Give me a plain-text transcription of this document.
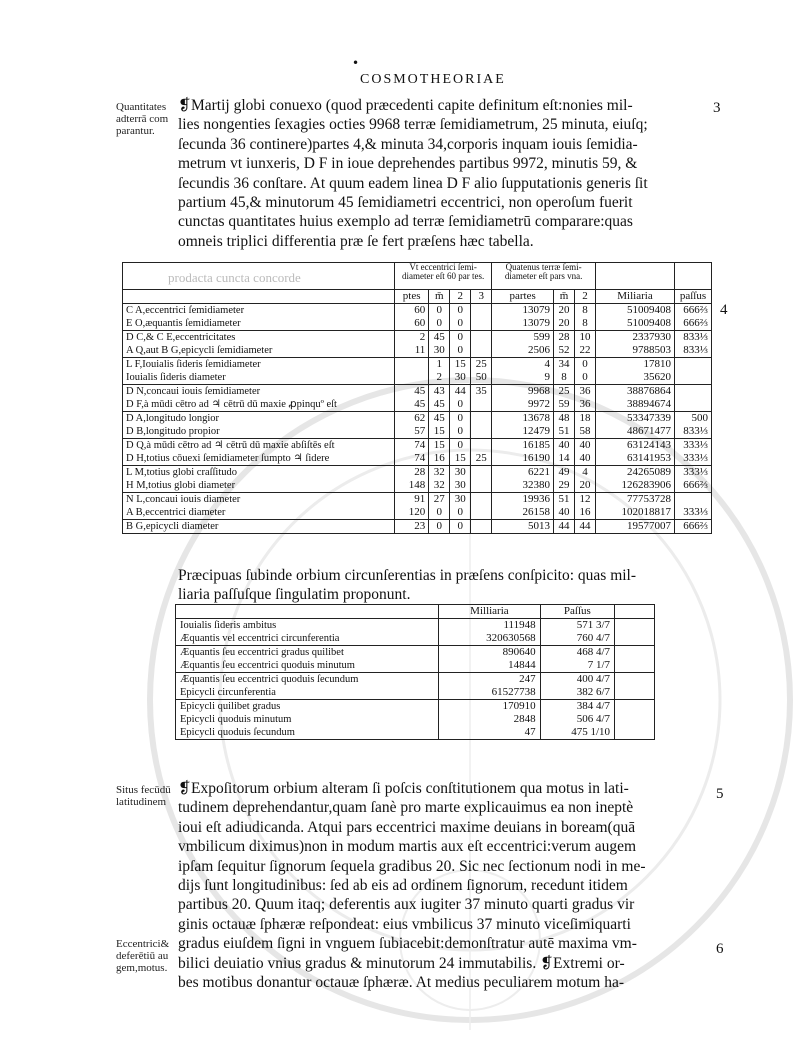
•
COSMOTHEORIAE
Quantitates adterrā com parantur.
Situs fecūdū latitudinem
Eccentrici& deferētiū au gem,motus.
3
4
5
6
prodacta cuncta concorde
❡Martij globi conuexo (quod præcedenti capite definitum eſt:nonies mil-
lies nongenties ſexagies octies 9968 terræ ſemidiametrum, 25 minuta, eiuſq;
ſecunda 36 continere)partes 4,& minuta 34,corporis inquam iouis ſemidia-
metrum vt iunxeris, D F in ioue deprehendes partibus 9972, minutis 59, &
ſecundis 36 conſtare. At quum eadem linea D F alio ſupputationis generis ſit
partium 45,& minutorum 45 ſemidiametri eccentrici, non operoſum fuerit
cunctas quantitates huius exemplo ad terræ ſemidiametrū comparare:quas
omneis triplici differentia præ ſe fert præſens hæc tabella.
	Vt eccentrici ſemi-diameter eſt 60 par tes.				Quatenus terræ ſemi-diameter eſt pars vna.				
	ptes	m̄	2	3	partes	m̄	2	Miliaria	paſſus
C A,eccentrici ſemidiameter	60	0	0		13079	20	8	51009408	666⅔
E O,æquantis ſemidiameter	60	0	0		13079	20	8	51009408	666⅔
D C,& C E,eccentricitates	2	45	0		599	28	10	2337930	833⅓
A Q,aut B G,epicycli ſemidiameter	11	30	0		2506	52	22	9788503	833⅓
L F,Iouialis ſideris ſemidiameter		1	15	25	4	34	0	17810	
Iouialis ſideris diameter		2	30	50	9	8	0	35620	
D N,concaui iouis ſemidiameter	45	43	44	35	9968	25	36	38876864	
D F,à mūdi cētro ad ♃ cētrū dū maxie ꝓpinquº eſt	45	45	0		9972	59	36	38894674	
D A,longitudo longior	62	45	0		13678	48	18	53347339	500
D B,longitudo propior	57	15	0		12479	51	58	48671477	833⅓
D Q,à mūdi cētro ad ♃ cētrū dū maxie abſiſtēs eſt	74	15	0		16185	40	40	63124143	333⅓
D H,totius cōuexi ſemidiameter ſumpto ♃ ſidere	74	16	15	25	16190	14	40	63141953	333⅓
L M,totius globi craſſitudo	28	32	30		6221	49	4	24265089	333⅓
H M,totius globi diameter	148	32	30		32380	29	20	126283906	666⅔
N L,concaui iouis diameter	91	27	30		19936	51	12	77753728	
A B,eccentrici diameter	120	0	0		26158	40	16	102018817	333⅓
B G,epicycli diameter	23	0	0		5013	44	44	19577007	666⅔
Præcipuas ſubinde orbium circunſerentias in præſens conſpicito: quas mil-
liaria paſſuſque ſingulatim proponunt.
	Milliaria	Paſſus	
Iouialis ſideris ambitus	111948	571 3/7	
Æquantis vel eccentrici circunferentia	320630568	760 4/7	
Æquantis ſeu eccentrici gradus quilibet	890640	468 4/7	
Æquantis ſeu eccentrici quoduis minutum	14844	7 1/7	
Æquantis ſeu eccentrici quoduis ſecundum	247	400 4/7	
Epicycli circunferentia	61527738	382 6/7	
Epicycli quilibet gradus	170910	384 4/7	
Epicycli quoduis minutum	2848	506 4/7	
Epicycli quoduis ſecundum	47	475 1/10	
❡Expoſitorum orbium alteram ſi poſcis conſtitutionem qua motus in lati-
tudinem deprehendantur,quam ſanè pro marte explicauimus ea non ineptè
ioui eſt adiudicanda. Atqui pars eccentrici maxime deuians in boream(quā
vmbilicum diximus)non in modum martis aux eſt eccentrici:verum augem
ipſam ſequitur ſignorum ſequela gradibus 20. Sic nec ſectionum nodi in me-
dijs ſunt longitudinibus: ſed ab eis ad ordinem ſignorum, recedunt itidem
partibus 20. Quum itaq; deferentis aux iugiter 37 minuto quarti gradus vir
ginis octauæ ſphæræ reſpondeat: eius vmbilicus 37 minuto viceſimiquarti
gradus eiuſdem ſigni in vnguem ſubiacebit:demonſtratur autē maxima vm-
bilici deuiatio vnius gradus & minutorum 24 immutabilis. ❡Extremi or-
bes motibus donantur octauæ ſphæræ. At medius peculiarem motum ha-
